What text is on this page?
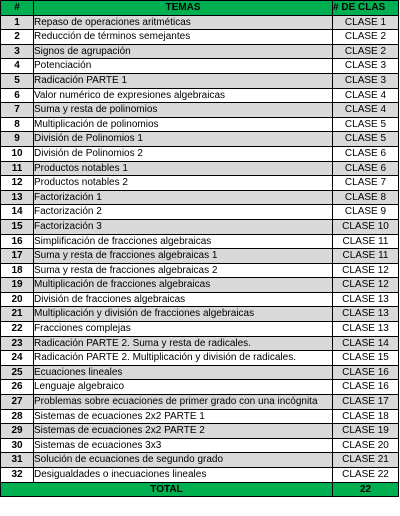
#	TEMAS	# DE CLAS
1	Repaso de operaciones aritméticas	CLASE 1
2	Reducción de términos semejantes	CLASE 2
3	Signos de agrupación	CLASE 2
4	Potenciación	CLASE 3
5	Radicación PARTE 1	CLASE 3
6	Valor numérico de expresiones algebraicas	CLASE 4
7	Suma y resta de polinomios	CLASE 4
8	Multiplicación de polinomios	CLASE 5
9	División de Polinomios 1	CLASE 5
10	División de Polinomios 2	CLASE 6
11	Productos notables 1	CLASE 6
12	Productos notables 2	CLASE 7
13	Factorización 1	CLASE 8
14	Factorización 2	CLASE 9
15	Factorización 3	CLASE 10
16	Simplificación de fracciones algebraicas	CLASE 11
17	Suma y resta de fracciones algebraicas 1	CLASE 11
18	Suma y resta de fracciones algebraicas 2	CLASE 12
19	Multiplicación de fracciones algebraicas	CLASE 12
20	División de fracciones algebraicas	CLASE 13
21	Multiplicación y división de fracciones algebraicas	CLASE 13
22	Fracciones complejas	CLASE 13
23	Radicación PARTE 2. Suma y resta de radicales.	CLASE 14
24	Radicación PARTE 2. Multiplicación y división de radicales.	CLASE 15
25	Ecuaciones lineales	CLASE 16
26	Lenguaje algebraico	CLASE 16
27	Problemas sobre ecuaciones de primer grado con una incógnita	CLASE 17
28	Sistemas de ecuaciones 2x2 PARTE 1	CLASE 18
29	Sistemas de ecuaciones 2x2 PARTE 2	CLASE 19
30	Sistemas de ecuaciones 3x3	CLASE 20
31	Solución de ecuaciones de segundo grado	CLASE 21
32	Desigualdades o inecuaciones lineales	CLASE 22
TOTAL		22
